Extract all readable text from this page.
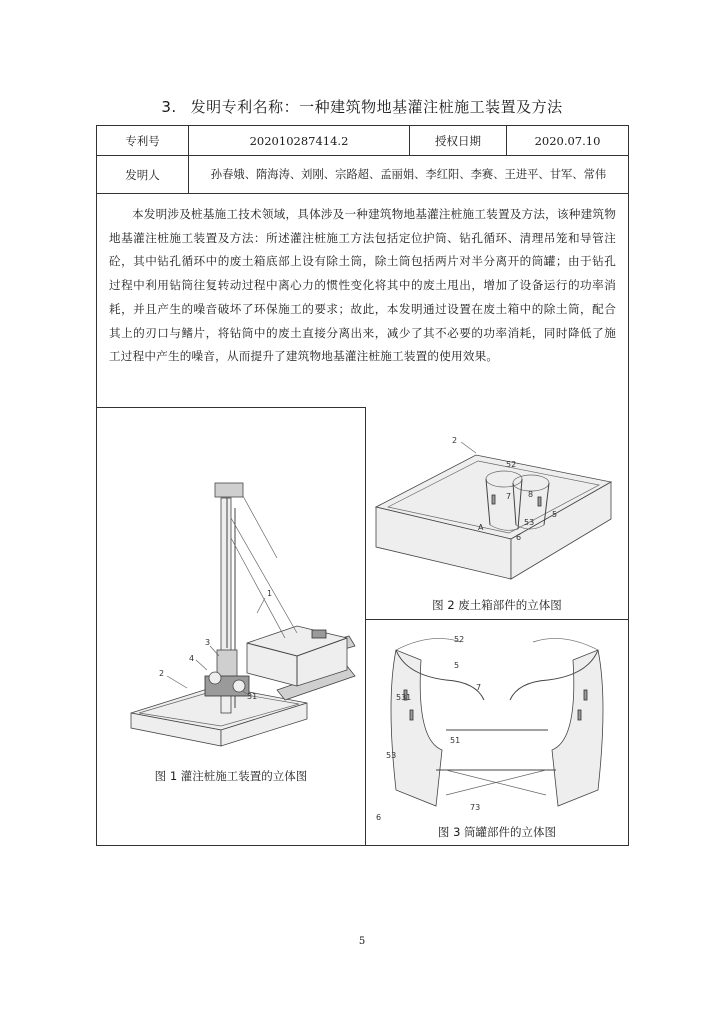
3. 发明专利名称：一种建筑物地基灌注桩施工装置及方法
专利号	202010287414.2	授权日期	2020.07.10
发明人	孙春娥、隋海涛、刘刚、宗路超、孟丽娟、李红阳、李赛、王进平、甘军、常伟
本发明涉及桩基施工技术领域，具体涉及一种建筑物地基灌注桩施工装置及方法，该种建筑物地基灌注桩施工装置及方法：所述灌注桩施工方法包括定位护筒、钻孔循环、清理吊笼和导管注砼，其中钻孔循环中的废土箱底部上设有除土筒，除土筒包括两片对半分离开的筒罐；由于钻孔过程中利用钻筒往复转动过程中离心力的惯性变化将其中的废土甩出，增加了设备运行的功率消耗，并且产生的噪音破坏了环保施工的要求；故此，本发明通过设置在废土箱中的除土筒，配合其上的刃口与鳍片，将钻筒中的废土直接分离出来，减少了其不必要的功率消耗，同时降低了施工过程中产生的噪音，从而提升了建筑物地基灌注桩施工装置的使用效果。
1
2
3
4
31
图 1 灌注桩施工装置的立体图
2
52
7 8
A
53
5
6
图 2 废土箱部件的立体图
52
5
7
531
51
53
73
6
图 3 筒罐部件的立体图
5
